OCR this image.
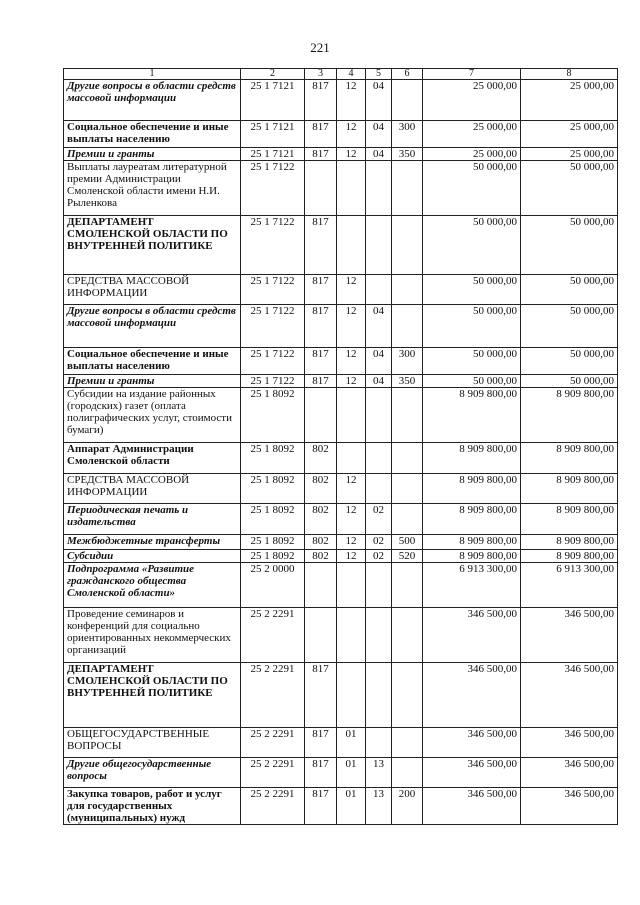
221
1	2	3	4	5	6	7	8
Другие вопросы в области средств массовой информации	25 1 7121	817	12	04		25 000,00	25 000,00
Социальное обеспечение и иные выплаты населению	25 1 7121	817	12	04	300	25 000,00	25 000,00
Премии и гранты	25 1 7121	817	12	04	350	25 000,00	25 000,00
Выплаты лауреатам литературной премии Администрации Смоленской области имени Н.И. Рыленкова	25 1 7122					50 000,00	50 000,00
ДЕПАРТАМЕНТ СМОЛЕНСКОЙ ОБЛАСТИ ПО ВНУТРЕННЕЙ ПОЛИТИКЕ	25 1 7122	817				50 000,00	50 000,00
СРЕДСТВА МАССОВОЙ ИНФОРМАЦИИ	25 1 7122	817	12			50 000,00	50 000,00
Другие вопросы в области средств массовой информации	25 1 7122	817	12	04		50 000,00	50 000,00
Социальное обеспечение и иные выплаты населению	25 1 7122	817	12	04	300	50 000,00	50 000,00
Премии и гранты	25 1 7122	817	12	04	350	50 000,00	50 000,00
Субсидии на издание районных (городских) газет (оплата полиграфических услуг, стоимости бумаги)	25 1 8092					8 909 800,00	8 909 800,00
Аппарат Администрации Смоленской области	25 1 8092	802				8 909 800,00	8 909 800,00
СРЕДСТВА МАССОВОЙ ИНФОРМАЦИИ	25 1 8092	802	12			8 909 800,00	8 909 800,00
Периодическая печать и издательства	25 1 8092	802	12	02		8 909 800,00	8 909 800,00
Межбюджетные трансферты	25 1 8092	802	12	02	500	8 909 800,00	8 909 800,00
Субсидии	25 1 8092	802	12	02	520	8 909 800,00	8 909 800,00
Подпрограмма «Развитие гражданского общества Смоленской области»	25 2 0000					6 913 300,00	6 913 300,00
Проведение семинаров и конференций для социально ориентированных некоммерческих организаций	25 2 2291					346 500,00	346 500,00
ДЕПАРТАМЕНТ СМОЛЕНСКОЙ ОБЛАСТИ ПО ВНУТРЕННЕЙ ПОЛИТИКЕ	25 2 2291	817				346 500,00	346 500,00
ОБЩЕГОСУДАРСТВЕННЫЕ ВОПРОСЫ	25 2 2291	817	01			346 500,00	346 500,00
Другие общегосударственные вопросы	25 2 2291	817	01	13		346 500,00	346 500,00
Закупка товаров, работ и услуг для государственных (муниципальных) нужд	25 2 2291	817	01	13	200	346 500,00	346 500,00
